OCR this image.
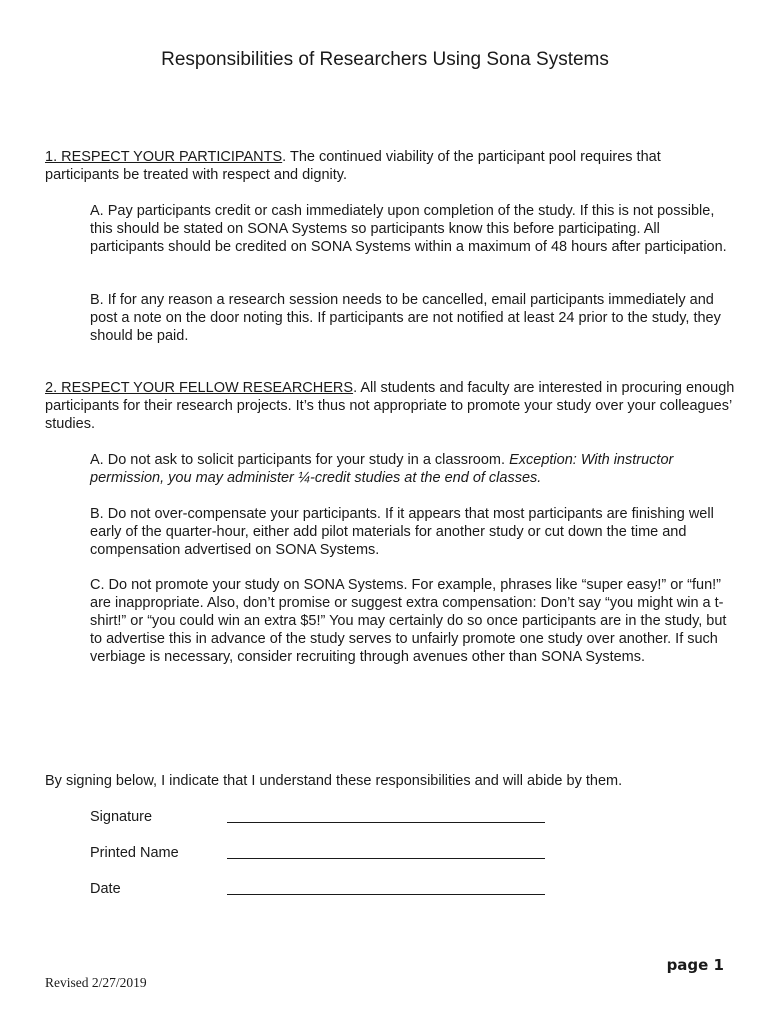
Responsibilities of Researchers Using Sona Systems
1. RESPECT YOUR PARTICIPANTS. The continued viability of the participant pool requires that participants be treated with respect and dignity.
A. Pay participants credit or cash immediately upon completion of the study. If this is not possible, this should be stated on SONA Systems so participants know this before participating. All participants should be credited on SONA Systems within a maximum of 48 hours after participation.
B. If for any reason a research session needs to be cancelled, email participants immediately and post a note on the door noting this. If participants are not notified at least 24 prior to the study, they should be paid.
2. RESPECT YOUR FELLOW RESEARCHERS. All students and faculty are interested in procuring enough participants for their research projects. It’s thus not appropriate to promote your study over your colleagues’ studies.
A. Do not ask to solicit participants for your study in a classroom. Exception: With instructor permission, you may administer ¼-credit studies at the end of classes.
B. Do not over-compensate your participants. If it appears that most participants are finishing well early of the quarter-hour, either add pilot materials for another study or cut down the time and compensation advertised on SONA Systems.
C. Do not promote your study on SONA Systems. For example, phrases like “super easy!” or “fun!” are inappropriate. Also, don’t promise or suggest extra compensation: Don’t say “you might win a t-shirt!” or “you could win an extra $5!” You may certainly do so once participants are in the study, but to advertise this in advance of the study serves to unfairly promote one study over another. If such verbiage is necessary, consider recruiting through avenues other than SONA Systems.
By signing below, I indicate that I understand these responsibilities and will abide by them.
Signature
Printed Name
Date
page 1
Revised 2/27/2019
